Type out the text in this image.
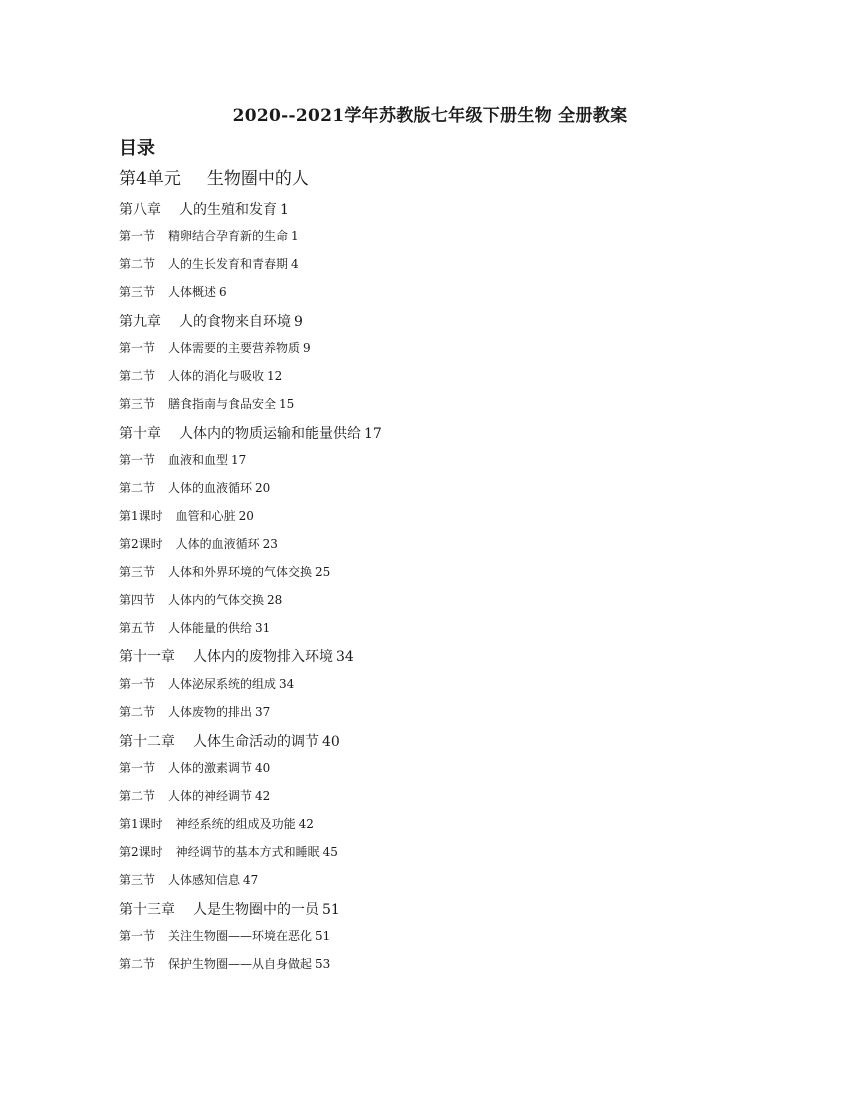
2020--2021学年苏教版七年级下册生物 全册教案
目录
第4单元 生物圈中的人
第八章 人的生殖和发育 1
第一节 精卵结合孕育新的生命 1
第二节 人的生长发育和青春期 4
第三节 人体概述 6
第九章 人的食物来自环境 9
第一节 人体需要的主要营养物质 9
第二节 人体的消化与吸收 12
第三节 膳食指南与食品安全 15
第十章 人体内的物质运输和能量供给 17
第一节 血液和血型 17
第二节 人体的血液循环 20
第1课时 血管和心脏 20
第2课时 人体的血液循环 23
第三节 人体和外界环境的气体交换 25
第四节 人体内的气体交换 28
第五节 人体能量的供给 31
第十一章 人体内的废物排入环境 34
第一节 人体泌尿系统的组成 34
第二节 人体废物的排出 37
第十二章 人体生命活动的调节 40
第一节 人体的激素调节 40
第二节 人体的神经调节 42
第1课时 神经系统的组成及功能 42
第2课时 神经调节的基本方式和睡眠 45
第三节 人体感知信息 47
第十三章 人是生物圈中的一员 51
第一节 关注生物圈——环境在恶化 51
第二节 保护生物圈——从自身做起 53
